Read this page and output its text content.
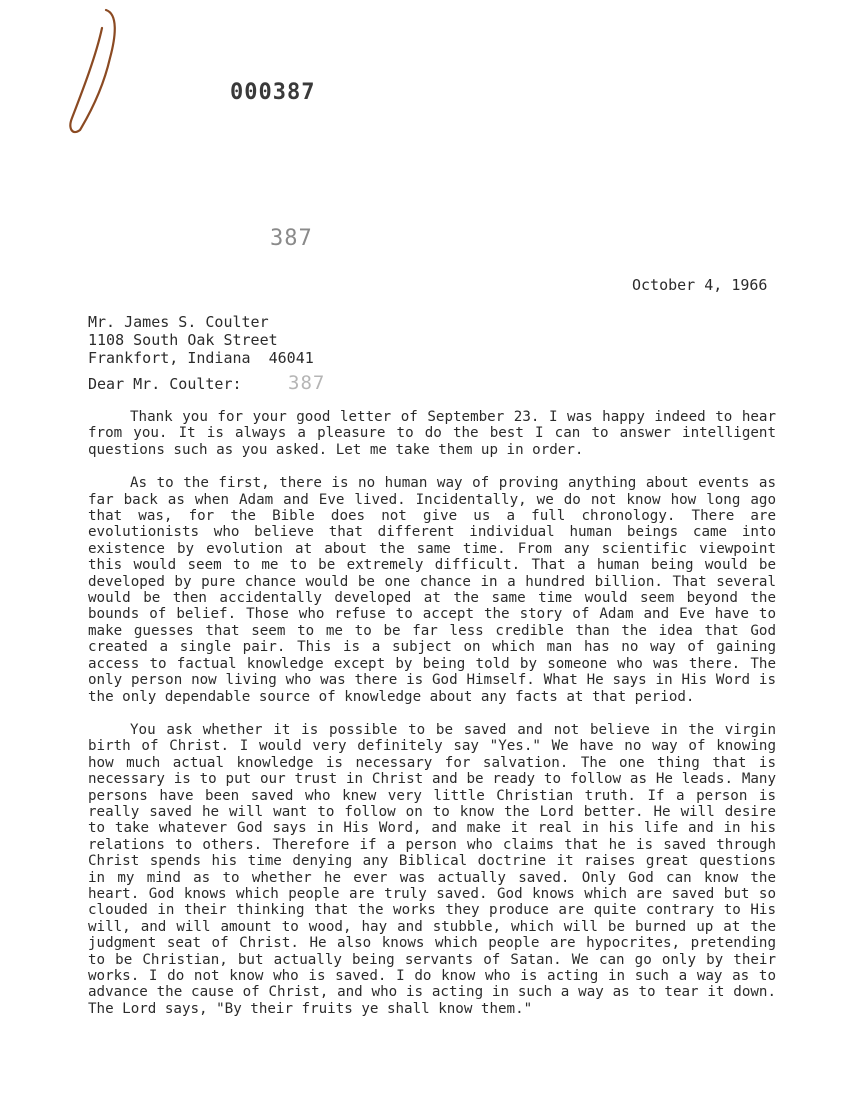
000387
387
October 4, 1966
Mr. James S. Coulter
1108 South Oak Street
Frankfort, Indiana  46041
Dear Mr. Coulter: 387

Thank you for your good letter of September 23. I was happy indeed to hear from you. It is always a pleasure to do the best I can to answer intelligent questions such as you asked. Let me take them up in order.

As to the first, there is no human way of proving anything about events as far back as when Adam and Eve lived. Incidentally, we do not know how long ago that was, for the Bible does not give us a full chronology. There are evolutionists who believe that different individual human beings came into existence by evolution at about the same time. From any scientific viewpoint this would seem to me to be extremely difficult. That a human being would be developed by pure chance would be one chance in a hundred billion. That several would be then accidentally developed at the same time would seem beyond the bounds of belief. Those who refuse to accept the story of Adam and Eve have to make guesses that seem to me to be far less credible than the idea that God created a single pair. This is a subject on which man has no way of gaining access to factual knowledge except by being told by someone who was there. The only person now living who was there is God Himself. What He says in His Word is the only dependable source of knowledge about any facts at that period.

You ask whether it is possible to be saved and not believe in the virgin birth of Christ. I would very definitely say "Yes." We have no way of knowing how much actual knowledge is necessary for salvation. The one thing that is necessary is to put our trust in Christ and be ready to follow as He leads. Many persons have been saved who knew very little Christian truth. If a person is really saved he will want to follow on to know the Lord better. He will desire to take whatever God says in His Word, and make it real in his life and in his relations to others. Therefore if a person who claims that he is saved through Christ spends his time denying any Biblical doctrine it raises great questions in my mind as to whether he ever was actually saved. Only God can know the heart. God knows which people are truly saved. God knows which are saved but so clouded in their thinking that the works they produce are quite contrary to His will, and will amount to wood, hay and stubble, which will be burned up at the judgment seat of Christ. He also knows which people are hypocrites, pretending to be Christian, but actually being servants of Satan. We can go only by their works. I do not know who is saved. I do know who is acting in such a way as to advance the cause of Christ, and who is acting in such a way as to tear it down. The Lord says, "By their fruits ye shall know them."
